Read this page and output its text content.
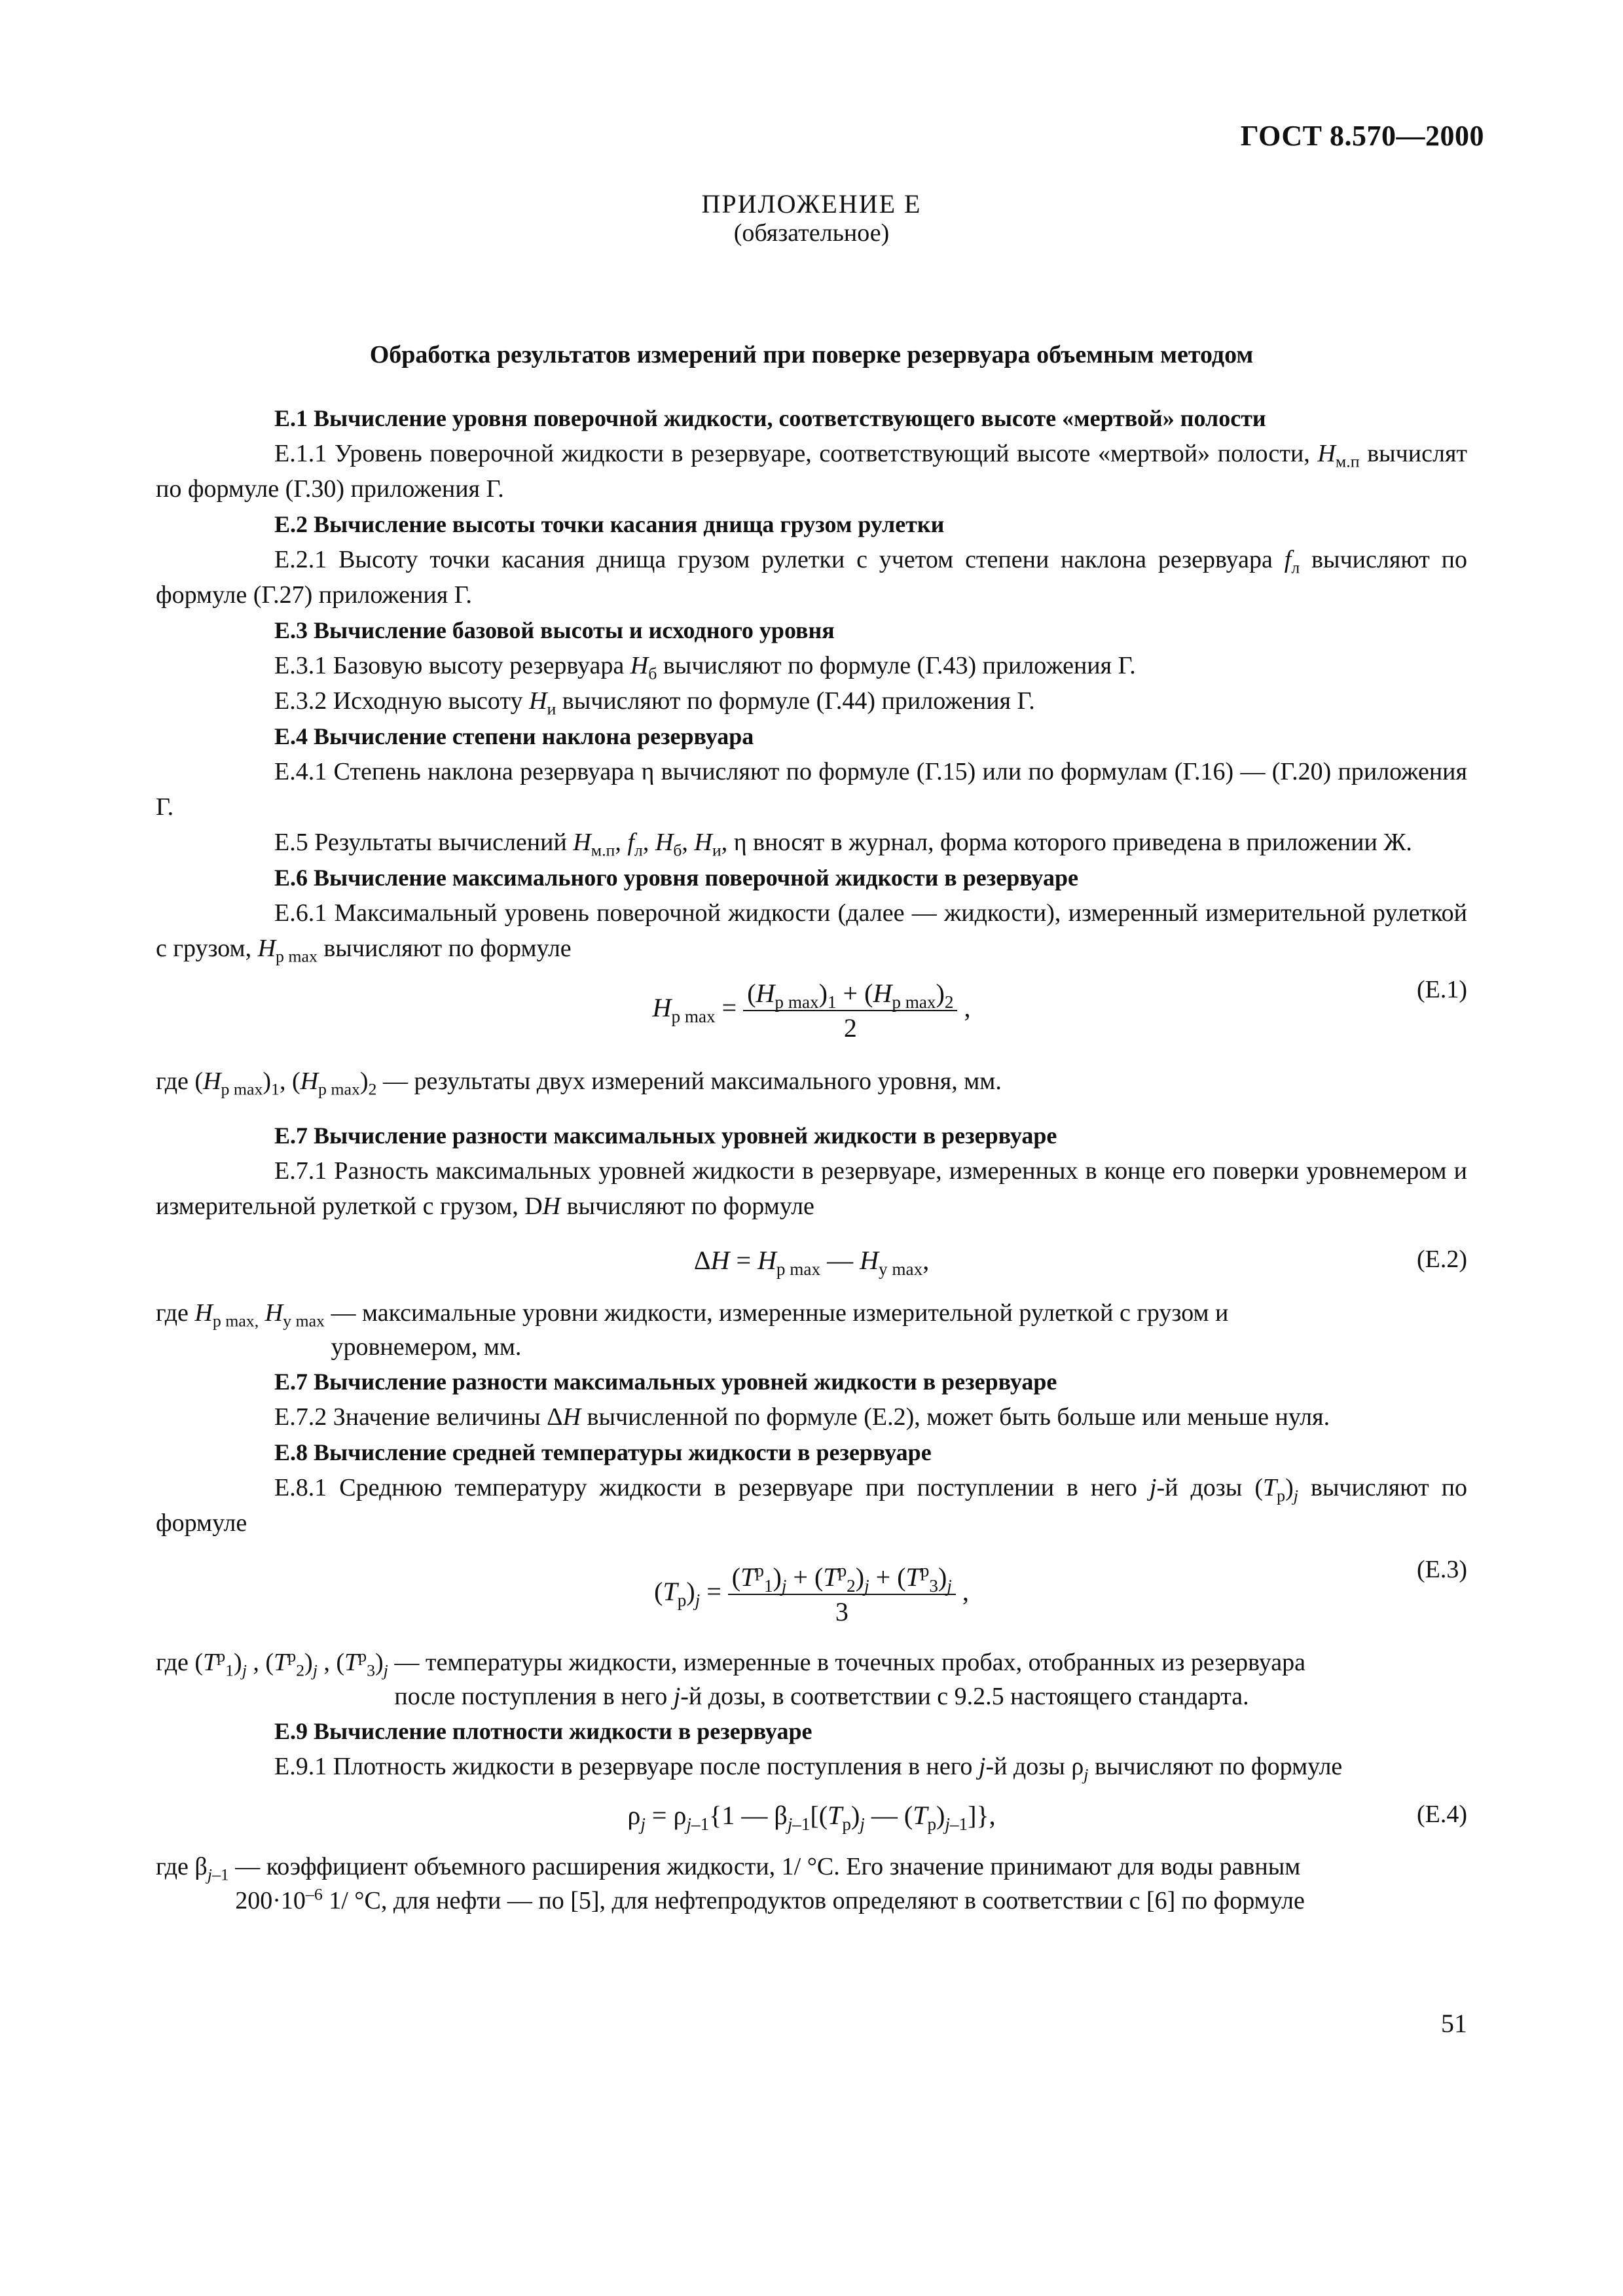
ГОСТ 8.570—2000
ПРИЛОЖЕНИЕ Е
(обязательное)
Обработка результатов измерений при поверке резервуара объемным методом

Е.1 Вычисление уровня поверочной жидкости, соответствующего высоте «мертвой» полости

Е.1.1 Уровень поверочной жидкости в резервуаре, соответствующий высоте «мертвой» полости, $H_{м.п}$ вычислят по формуле (Г.30) приложения Г.

Е.2 Вычисление высоты точки касания днища грузом рулетки

Е.2.1 Высоту точки касания днища грузом рулетки с учетом степени наклона резервуара $f_л$ вычисляют по формуле (Г.27) приложения Г.

Е.3 Вычисление базовой высоты и исходного уровня

Е.3.1 Базовую высоту резервуара $H_б$ вычисляют по формуле (Г.43) приложения Г.

Е.3.2 Исходную высоту $H_и$ вычисляют по формуле (Г.44) приложения Г.

Е.4 Вычисление степени наклона резервуара

Е.4.1 Степень наклона резервуара η вычисляют по формуле (Г.15) или по формулам (Г.16) — (Г.20) приложения Г.

Е.5 Результаты вычислений $H_{м.п}$, $f_л$, $H_б$, $H_и$, η вносят в журнал, форма которого приведена в приложении Ж.

Е.6 Вычисление максимального уровня поверочной жидкости в резервуаре

Е.6.1 Максимальный уровень поверочной жидкости (далее — жидкости), измеренный измерительной рулеткой с грузом, $H_{р max}$ вычисляют по формуле

$H_{р max} = \frac{(H_{р max})_1 + (H_{р max})_2}{2}$ ,
(Е.1)
где $(H_{р max})_1$, $(H_{р max})_2$ — результаты двух измерений максимального уровня, мм.

Е.7 Вычисление разности максимальных уровней жидкости в резервуаре

Е.7.1 Разность максимальных уровней жидкости в резервуаре, измеренных в конце его поверки уровнемером и измерительной рулеткой с грузом, DH вычисляют по формуле

$\Delta H = H_{р max}$ — $H_{у max}$,	(Е.2)
где $H_{р max,}$ $H_{у max}$ — максимальные уровни жидкости, измеренные измерительной рулеткой с грузом и
уровнемером, мм.

Е.7 Вычисление разности максимальных уровней жидкости в резервуаре

Е.7.2 Значение величины ΔH вычисленной по формуле (Е.2), может быть больше или меньше нуля.

Е.8 Вычисление средней температуры жидкости в резервуаре

Е.8.1 Среднюю температуру жидкости в резервуаре при поступлении в него j-й дозы $(T_р)_j$ вычисляют по формуле

$(T_р)_j = \frac{(T^р_1)_j + (T^р_2)_j + (T^р_3)_j}{3}$ ,
(Е.3)
где $(T^р_1)_j$ , $(T^р_2)_j$ , $(T^р_3)_j$ — температуры жидкости, измеренные в точечных пробах, отобранных из резервуара
после поступления в него j-й дозы, в соответствии с 9.2.5 настоящего стандарта.

Е.9 Вычисление плотности жидкости в резервуаре

Е.9.1 Плотность жидкости в резервуаре после поступления в него j-й дозы $\rho_j$ вычисляют по формуле

$\rho_j = \rho_{j-1}\{1$ — $\beta_{j-1}[(T_р)_j$ — $(T_р)_{j-1}$]},	(Е.4)
где $\beta_{j-1}$ — коэффициент объемного расширения жидкости, 1/ °С. Его значение принимают для воды равным
$200\cdot 10^{-6}$ 1/ °С, для нефти — по [5], для нефтепродуктов определяют в соответствии с [6] по формуле
51
